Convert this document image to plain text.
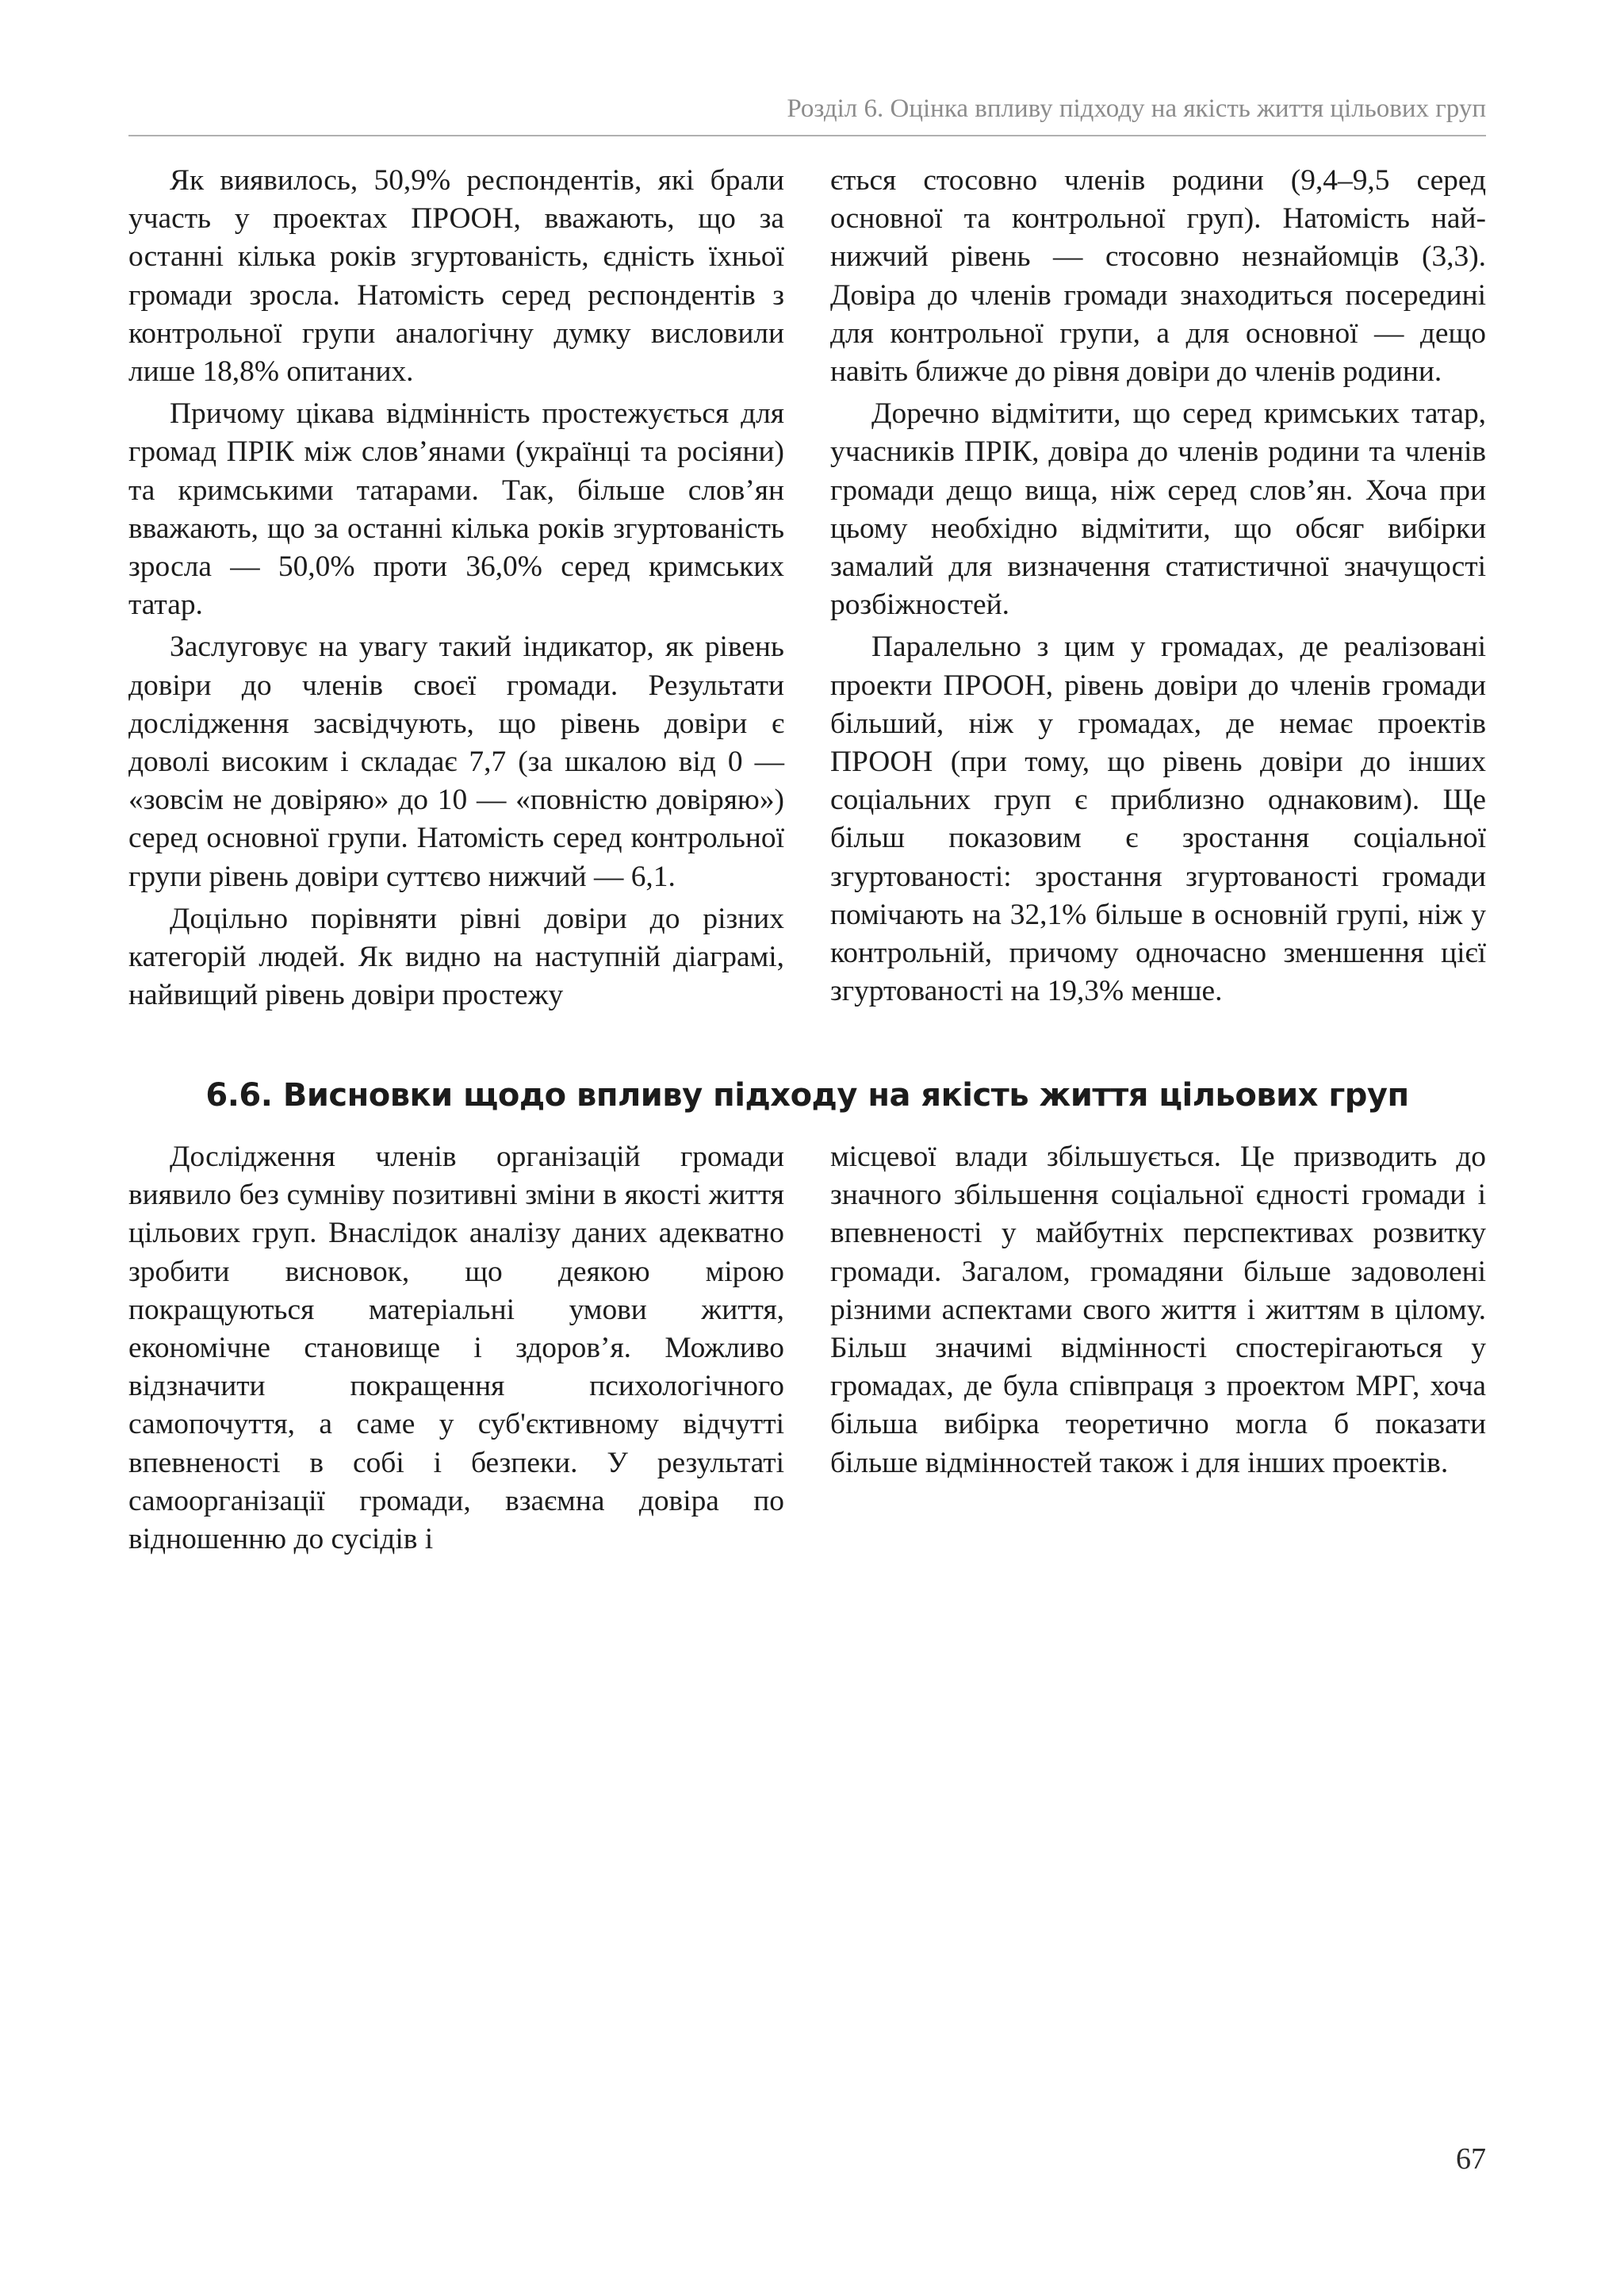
Розділ 6. Оцінка впливу підходу на якість життя цільових груп

Як виявилось, 50,9% респондентів, які брали участь у проектах ПРООН, вважають, що за останні кілька років згуртованість, єдність їхньої громади зросла. Натомість серед респондентів з контрольної групи аналогічну думку висловили лише 18,8% опитаних.

Причому цікава відмінність простежується для громад ПРІК між слов’янами (українці та росіяни) та кримськими татарами. Так, більше слов’ян вважають, що за останні кілька років згуртованість зросла — 50,0% проти 36,0% серед кримських татар.

Заслуговує на увагу такий індикатор, як рівень довіри до членів своєї громади. Результати дослідження засвідчують, що рівень довіри є доволі високим і складає 7,7 (за шкалою від 0 — «зовсім не довіряю» до 10 — «повністю довіряю») серед основної групи. Натомість серед контрольної групи рівень довіри суттєво нижчий — 6,1.

Доцільно порівняти рівні довіри до різних категорій людей. Як видно на наступній діаграмі, найвищий рівень довіри простежу

ється стосовно членів родини (9,4–9,5 серед основної та контрольної груп). Натомість найнижчий рівень — стосовно незнайомців (3,3). Довіра до членів громади знаходиться посередині для контрольної групи, а для основної — дещо навіть ближче до рівня довіри до членів родини.

Доречно відмітити, що серед кримських татар, учасників ПРІК, довіра до членів родини та членів громади дещо вища, ніж серед слов’ян. Хоча при цьому необхідно відмітити, що обсяг вибірки замалий для визначення статистичної значущості розбіжностей.

Паралельно з цим у громадах, де реалізовані проекти ПРООН, рівень довіри до членів громади більший, ніж у громадах, де немає проектів ПРООН (при тому, що рівень довіри до інших соціальних груп є приблизно однаковим). Ще більш показовим є зростання соціальної згуртованості: зростання згуртованості громади помічають на 32,1% більше в основній групі, ніж у контрольній, причому одночасно зменшення цієї згуртованості на 19,3% менше.

6.6. Висновки щодо впливу підходу на якість життя цільових груп

Дослідження членів організацій громади виявило без сумніву позитивні зміни в якості життя цільових груп. Внаслідок аналізу даних адекватно зробити висновок, що деякою мірою покращуються матеріальні умови життя, економічне становище і здоров’я. Можливо відзначити покращення психологічного самопочуття, а саме у суб'єктивному відчутті впевненості в собі і безпеки. У результаті самоорганізації громади, взаємна довіра по відношенню до сусідів і

місцевої влади збільшується. Це призводить до значного збільшення соціальної єдності громади і впевненості у майбутніх перспективах розвитку громади. Загалом, громадяни більше задоволені різними аспектами свого життя і життям в цілому. Більш значимі відмінності спостерігаються у громадах, де була співпраця з проектом МРГ, хоча більша вибірка теоретично могла б показати більше відмінностей також і для інших проектів.

67
